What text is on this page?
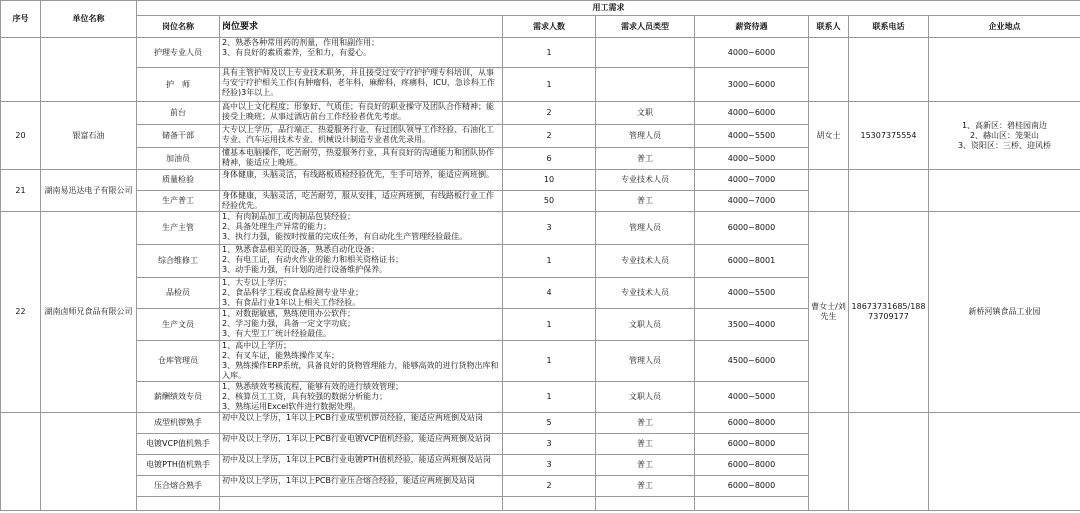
序号	单位名称	用工需求							
		岗位名称	岗位要求	需求人数	需求人员类型	薪资待遇	联系人	联系电话	企业地点
		护理专业人员	2、熟悉各种常用药的剂量，作用和副作用；
3、有良好的素质素养，至和力，有爱心。	1		4000~6000			
		护　师	具有主管护师及以上专业技术职务，并且接受过安宁疗护护理专科培训，从事与安宁疗护相关工作(有肿瘤科，老年科，麻醉科，疼痛科，ICU，急诊科工作经验)3年以上。	1		3000~6000			
20	银富石油	前台	高中以上文化程度；形象好、气质佳；有良好的职业操守及团队合作精神；能接受上晚班；从事过酒店前台工作经验者优先考虑。	2	文职	4000~6000	胡女士	15307375554	1、高新区：碧桂园南边
2、赫山区：笼架山
3、资阳区：三桥、迎风桥
		储备干部	大专以上学历，品行端正、热爱服务行业、有过团队领导工作经验、石油化工专业、汽车运用技术专业、机械设计制造专业者优先录用。	2	管理人员	4000~5500			
		加油员	懂基本电脑操作，吃苦耐劳，热爱服务行业，具有良好的沟通能力和团队协作精神，能适应上晚班。	6	普工	4000~5000			
21	湖南易迅达电子有限公司	质量检验	身体健康，头脑灵活，有线路板质检经验优先，生手可培养，能适应两班倒。	10	专业技术人员	4000~7000			
		生产普工	身体健康，头脑灵活，吃苦耐劳，服从安排，适应两班倒，有线路板行业工作经验优先。	50	普工	4000~7000			
22	湖南卤师兄食品有限公司	生产主管	1、有肉制品加工或肉制品包装经验；
2、具备处理生产异常的能力；
3、执行力强，能按时按量的完成任务，有自动化生产管理经验最佳。	3	管理人员	6000~8000	曹女士/刘先生	18673731685/18873709177	新桥河镇食品工业园
		综合维修工	1、熟悉食品相关的设备，熟悉自动化设备；
2、有电工证，有动火作业的能力和相关资格证书；
3、动手能力强，有计划的进行设备维护保养。	1	专业技术人员	6000~8001			
		品检员	1、大专以上学历；
2、食品科学工程或食品检测专业毕业；
3、有食品行业1年以上相关工作经验。	4	专业技术人员	4000~5500			
		生产文员	1、对数据敏感，熟练使用办公软件；
2、学习能力强，具备一定文字功底；
3、有大型工厂统计经验最佳。	1	文职人员	3500~4000			
		仓库管理员	1、高中以上学历；
2、有叉车证，能熟练操作叉车；
3、熟练操作ERP系统，具备良好的货物管理能力，能够高效的进行货物出库和入库。	1	管理人员	4500~6000			
		薪酬绩效专员	1、熟悉绩效考核流程，能够有效的进行绩效管理；
2、核算员工工资，具有较强的数据分析能力；
3、熟练运用Excel软件进行数据处理。	1	文职人员	4000~5000			
		成型机锣熟手	初中及以上学历，1年以上PCB行业成型机锣员经验，能适应两班倒及站岗	5	普工	6000~8000			
		电镀VCP值机熟手	初中及以上学历，1年以上PCB行业电镀VCP值机经验，能适应两班倒及站岗	3	普工	6000~8000			
		电镀PTH值机熟手	初中及以上学历，1年以上PCB行业电镀PTH值机经验，能适应两班倒及站岗	3	普工	6000~8000			
		压合熔合熟手	初中及以上学历，1年以上PCB行业压合熔合经验，能适应两班倒及站岗	2	普工	6000~8000			
